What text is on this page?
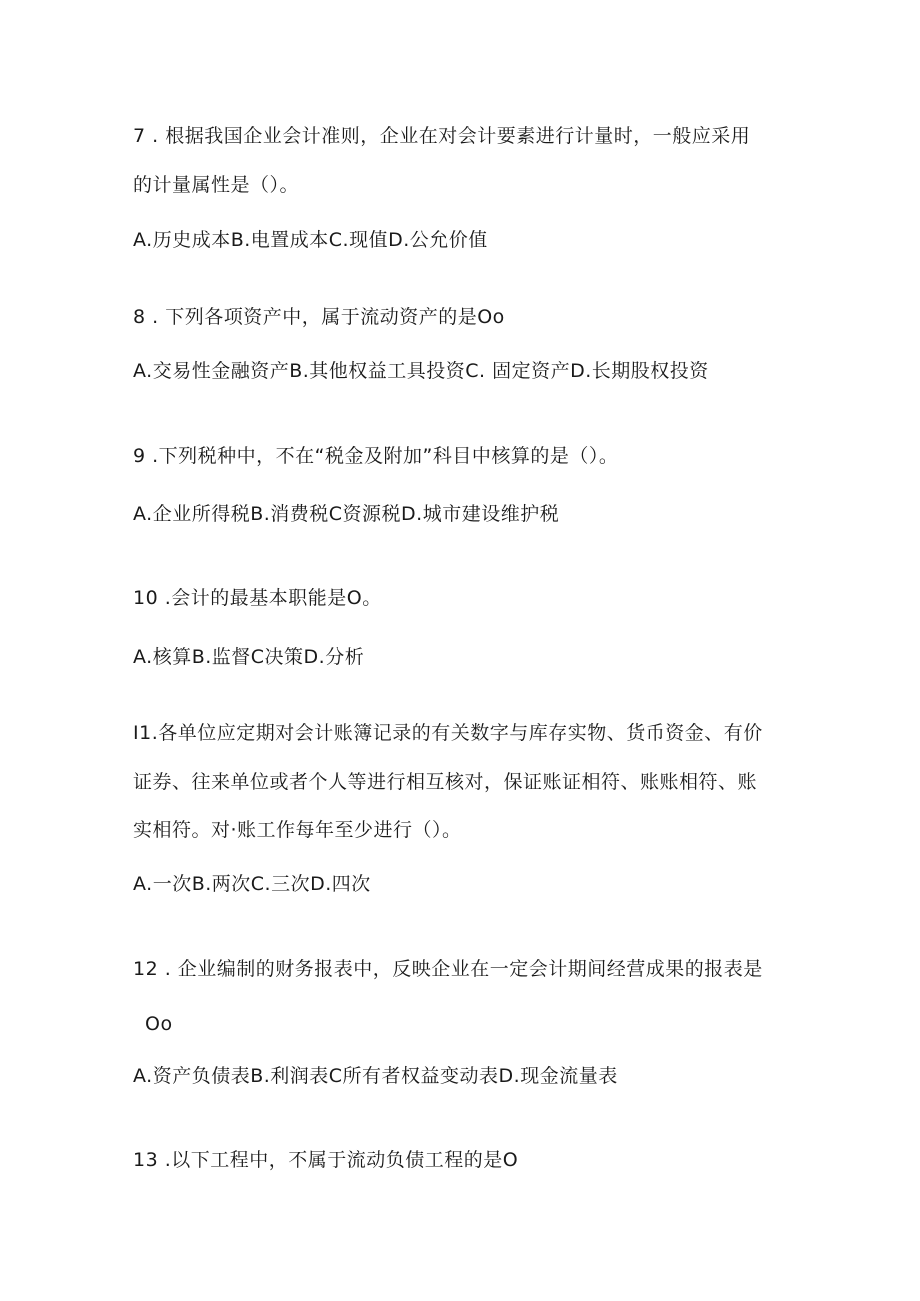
7 . 根据我国企业会计准则，企业在对会计要素进行计量时，一般应采用
的计量属性是（）。
A.历史成本B.电置成本C.现值D.公允价值
8 . 下列各项资产中，属于流动资产的是Oo
A.交易性金融资产B.其他权益工具投资C. 固定资产D.长期股权投资
9 .下列税种中，不在“税金及附加”科目中核算的是（）。
A.企业所得税B.消费税C资源税D.城市建设维护税
10 .会计的最基本职能是O。
A.核算B.监督C决策D.分析
I1.各单位应定期对会计账簿记录的有关数字与库存实物、货币资金、有价
证券、往来单位或者个人等进行相互核对，保证账证相符、账账相符、账
实相符。对·账工作每年至少进行（）。
A.一次B.两次C.三次D.四次
12 . 企业编制的财务报表中，反映企业在一定会计期间经营成果的报表是
Oo
A.资产负债表B.利润表C所有者权益变动表D.现金流量表
13 .以下工程中，不属于流动负债工程的是O
